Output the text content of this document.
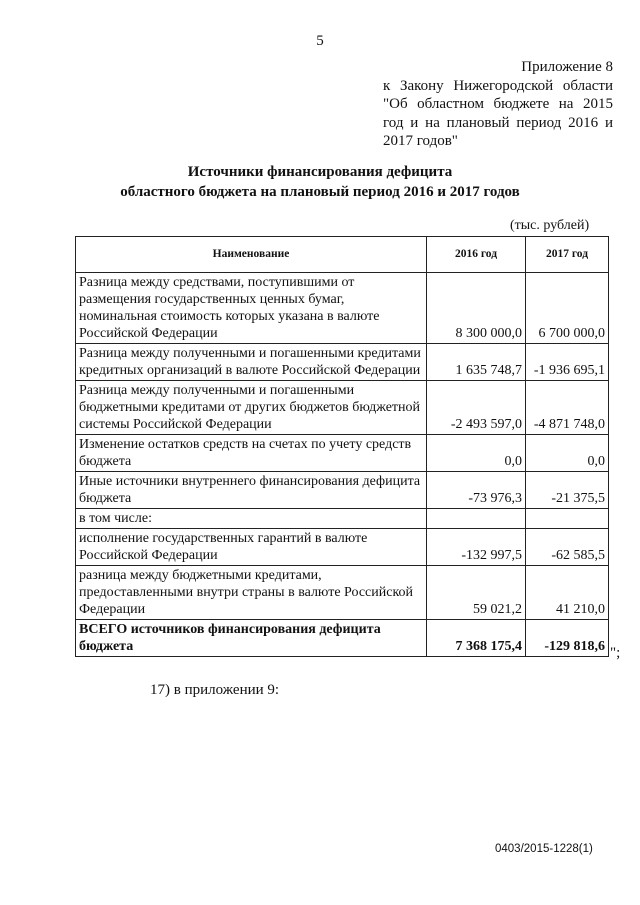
5
Приложение 8
к Закону Нижегородской области "Об областном бюджете на 2015 год и на плановый период 2016 и 2017 годов"
Источники финансирования дефицита
областного бюджета на плановый период 2016 и 2017 годов
(тыс. рублей)
Наименование	2016 год	2017 год
Разница между средствами, поступившими от размещения государственных ценных бумаг, номинальная стоимость которых указана в валюте Российской Федерации	8 300 000,0	6 700 000,0
Разница между полученными и погашенными кредитами кредитных организаций в валюте Российской Федерации	1 635 748,7	-1 936 695,1
Разница между полученными и погашенными бюджетными кредитами от других бюджетов бюджетной системы Российской Федерации	-2 493 597,0	-4 871 748,0
Изменение остатков средств на счетах по учету средств бюджета	0,0	0,0
Иные источники внутреннего финансирования дефицита бюджета	-73 976,3	-21 375,5
в том числе:		
исполнение государственных гарантий в валюте Российской Федерации	-132 997,5	-62 585,5
разница между бюджетными кредитами, предоставленными внутри страны в валюте Российской Федерации	59 021,2	41 210,0
ВСЕГО источников финансирования дефицита бюджета	7 368 175,4	-129 818,6 ";
17) в приложении 9:
0403/2015-1228(1)
